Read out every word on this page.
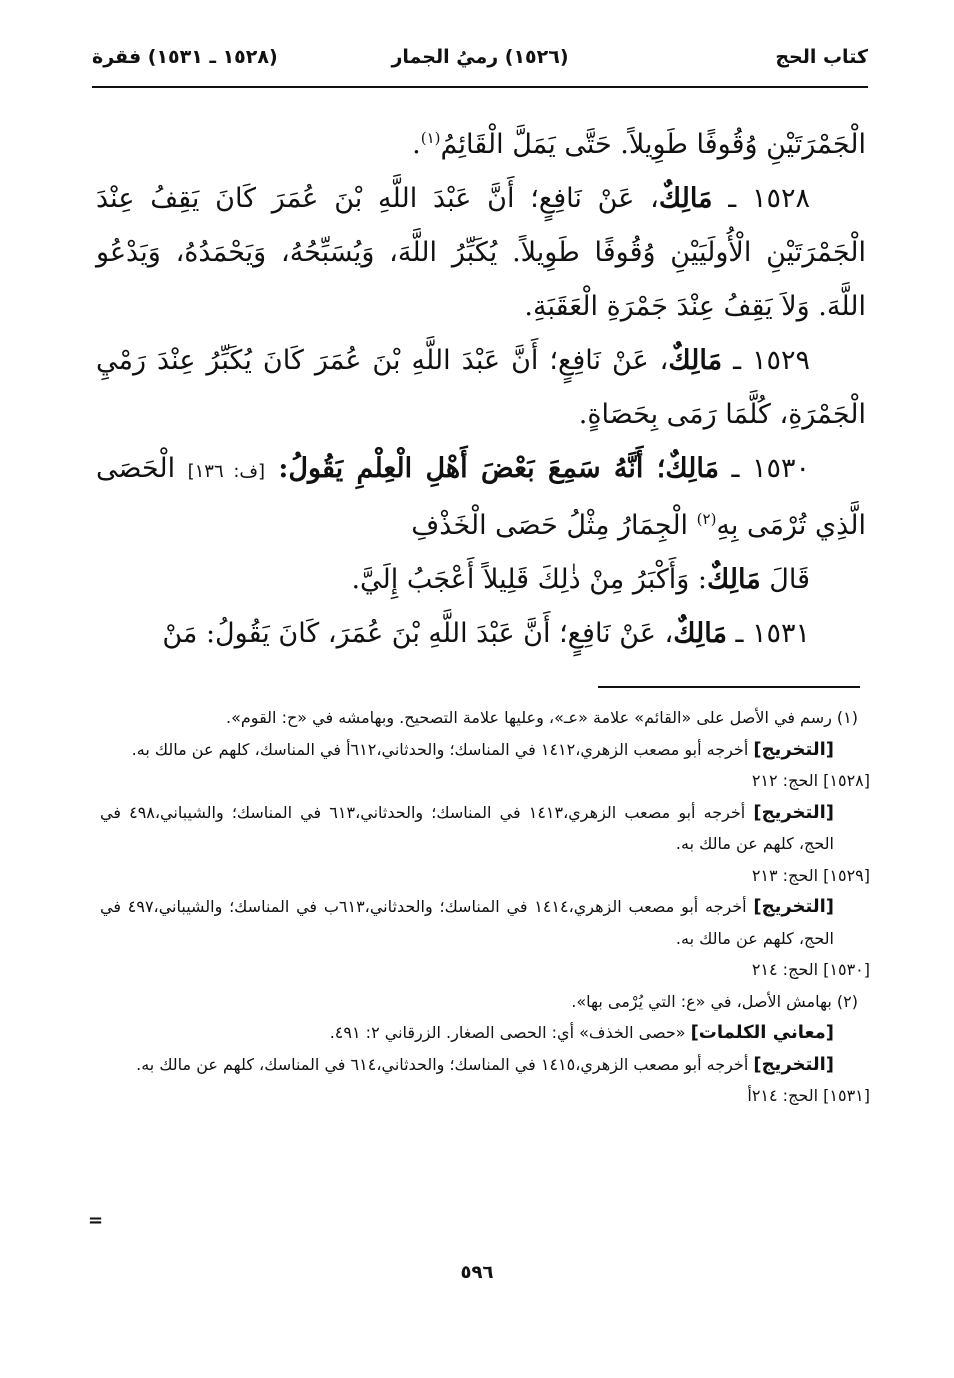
كتاب الحج
(١٥٢٦) رميُ الجمار
(١٥٢٨ ـ ١٥٣١) فقرة

الْجَمْرَتَيْنِ وُقُوفًا طَوِيلاً. حَتَّى يَمَلَّ الْقَائِمُ$^{(١)}$.

١٥٢٨ ـ مَالِكٌ، عَنْ نَافِعٍ؛ أَنَّ عَبْدَ اللَّهِ بْنَ عُمَرَ كَانَ يَقِفُ عِنْدَ الْجَمْرَتَيْنِ الْأُولَيَيْنِ وُقُوفًا طَوِيلاً. يُكَبِّرُ اللَّهَ، وَيُسَبِّحُهُ، وَيَحْمَدُهُ، وَيَدْعُو اللَّهَ. وَلاَ يَقِفُ عِنْدَ جَمْرَةِ الْعَقَبَةِ.

١٥٢٩ ـ مَالِكٌ، عَنْ نَافِعٍ؛ أَنَّ عَبْدَ اللَّهِ بْنَ عُمَرَ كَانَ يُكَبِّرُ عِنْدَ رَمْيِ الْجَمْرَةِ، كُلَّمَا رَمَى بِحَصَاةٍ.

١٥٣٠ ـ مَالِكٌ؛ أَنَّهُ سَمِعَ بَعْضَ أَهْلِ الْعِلْمِ يَقُولُ: [ف: ١٣٦] الْحَصَى الَّذِي تُرْمَى بِهِ$^{(٢)}$ الْجِمَارُ مِثْلُ حَصَى الْخَذْفِ

قَالَ مَالِكٌ: وَأَكْبَرُ مِنْ ذٰلِكَ قَلِيلاً أَعْجَبُ إِلَيَّ.

١٥٣١ ـ مَالِكٌ، عَنْ نَافِعٍ؛ أَنَّ عَبْدَ اللَّهِ بْنَ عُمَرَ، كَانَ يَقُولُ: مَنْ

(١) رسم في الأصل على «القائم» علامة «عـ»، وعليها علامة التصحيح. وبهامشه في «ح: القوم».

[التخريج] أخرجه أبو مصعب الزهري،١٤١٢ في المناسك؛ والحدثاني،٦١٢أ في المناسك، كلهم عن مالك به.

[١٥٢٨] الحج: ٢١٢

[التخريج] أخرجه أبو مصعب الزهري،١٤١٣ في المناسك؛ والحدثاني،٦١٣ في المناسك؛ والشيباني،٤٩٨ في الحج، كلهم عن مالك به.

[١٥٢٩] الحج: ٢١٣

[التخريج] أخرجه أبو مصعب الزهري،١٤١٤ في المناسك؛ والحدثاني،٦١٣ب في المناسك؛ والشيباني،٤٩٧ في الحج، كلهم عن مالك به.

[١٥٣٠] الحج: ٢١٤

(٢) بهامش الأصل، في «ع: التي يُرْمى بها».

[معاني الكلمات] «حصى الخذف» أي: الحصى الصغار. الزرقاني ٢: ٤٩١.

[التخريج] أخرجه أبو مصعب الزهري،١٤١٥ في المناسك؛ والحدثاني،٦١٤ في المناسك، كلهم عن مالك به.

[١٥٣١] الحج: ٢١٤أ

=
٥٩٦
